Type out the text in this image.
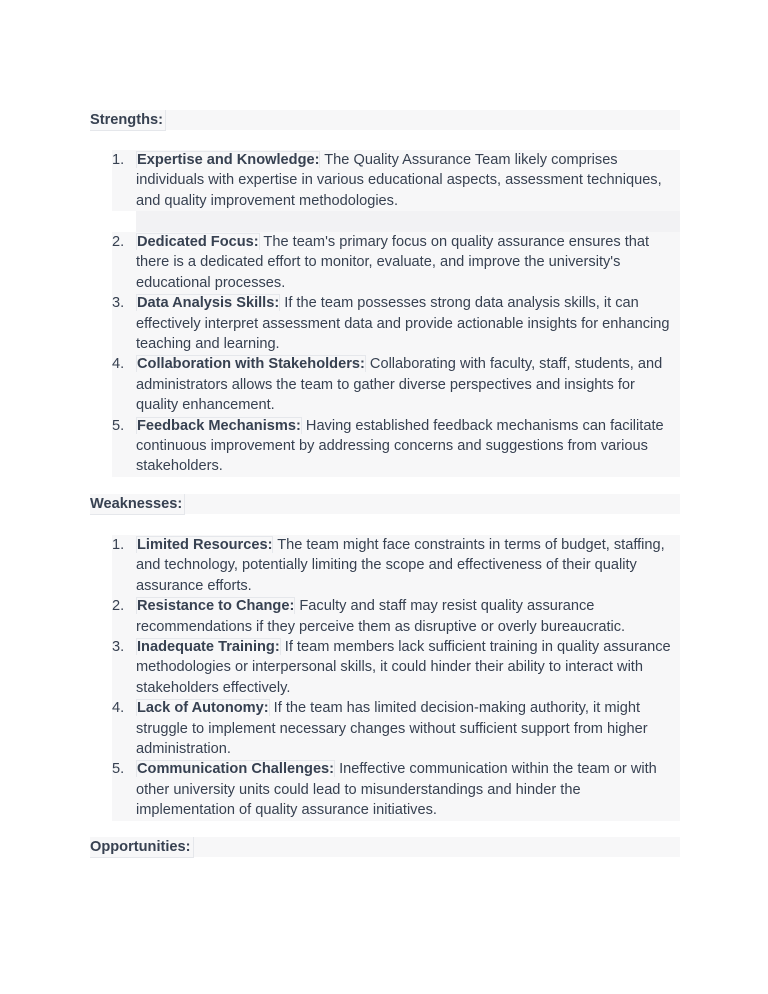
Strengths:
1. Expertise and Knowledge: The Quality Assurance Team likely comprises individuals with expertise in various educational aspects, assessment techniques, and quality improvement methodologies.
2. Dedicated Focus: The team's primary focus on quality assurance ensures that there is a dedicated effort to monitor, evaluate, and improve the university's educational processes.
3. Data Analysis Skills: If the team possesses strong data analysis skills, it can effectively interpret assessment data and provide actionable insights for enhancing teaching and learning.
4. Collaboration with Stakeholders: Collaborating with faculty, staff, students, and administrators allows the team to gather diverse perspectives and insights for quality enhancement.
5. Feedback Mechanisms: Having established feedback mechanisms can facilitate continuous improvement by addressing concerns and suggestions from various stakeholders.
Weaknesses:
1. Limited Resources: The team might face constraints in terms of budget, staffing, and technology, potentially limiting the scope and effectiveness of their quality assurance efforts.
2. Resistance to Change: Faculty and staff may resist quality assurance recommendations if they perceive them as disruptive or overly bureaucratic.
3. Inadequate Training: If team members lack sufficient training in quality assurance methodologies or interpersonal skills, it could hinder their ability to interact with stakeholders effectively.
4. Lack of Autonomy: If the team has limited decision-making authority, it might struggle to implement necessary changes without sufficient support from higher administration.
5. Communication Challenges: Ineffective communication within the team or with other university units could lead to misunderstandings and hinder the implementation of quality assurance initiatives.
Opportunities:
